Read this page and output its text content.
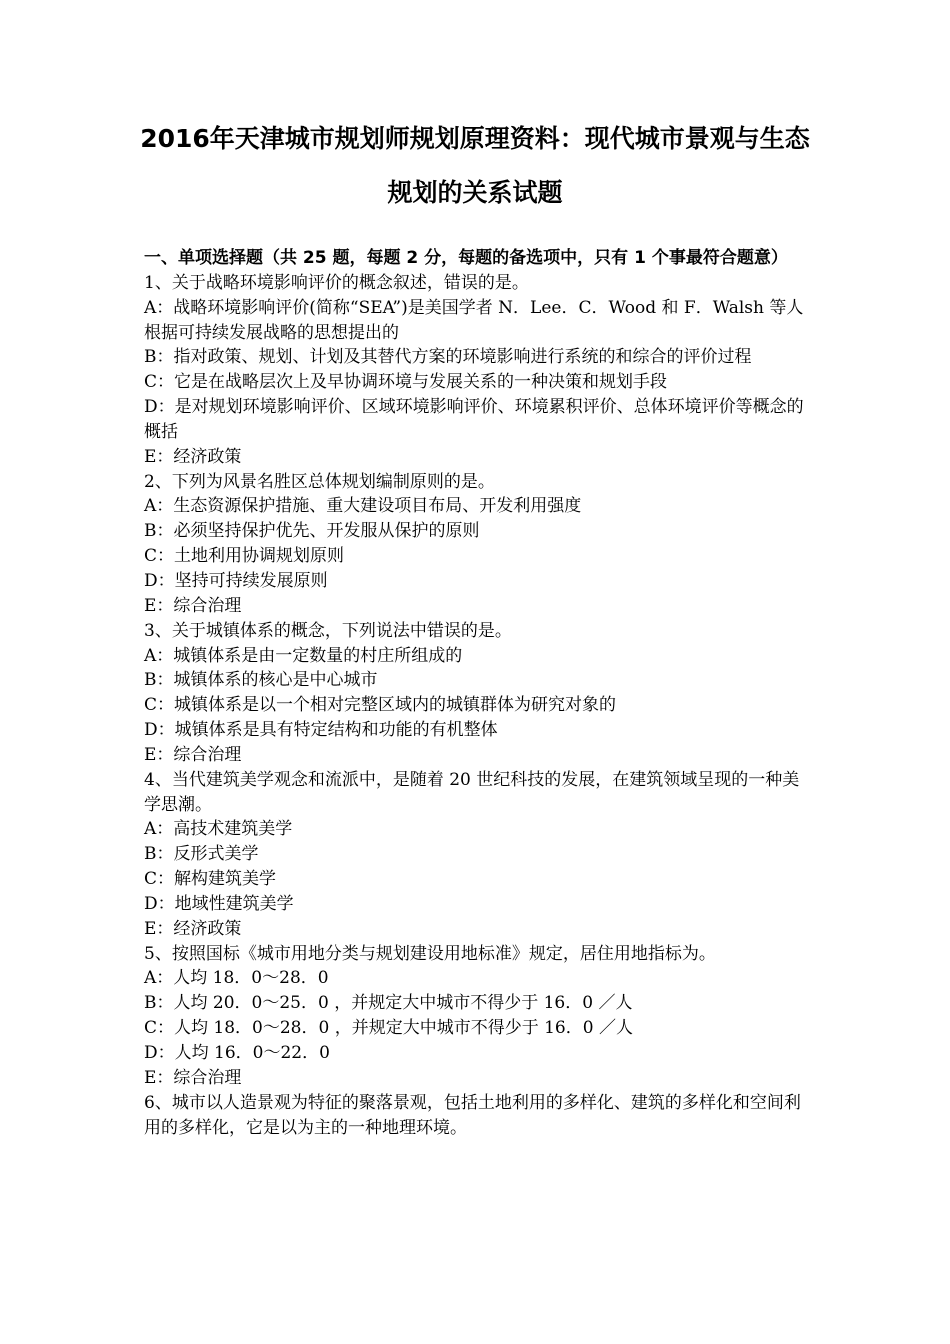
2016年天津城市规划师规划原理资料：现代城市景观与生态规划的关系试题

一、单项选择题（共 25 题，每题 2 分，每题的备选项中，只有 1 个事最符合题意）

1、关于战略环境影响评价的概念叙述，错误的是。

A：战略环境影响评价(简称“SEA”)是美国学者 N．Lee．C．Wood 和 F．Walsh 等人根据可持续发展战略的思想提出的

B：指对政策、规划、计划及其替代方案的环境影响进行系统的和综合的评价过程

C：它是在战略层次上及早协调环境与发展关系的一种决策和规划手段

D：是对规划环境影响评价、区域环境影响评价、环境累积评价、总体环境评价等概念的概括

E：经济政策

2、下列为风景名胜区总体规划编制原则的是。

A：生态资源保护措施、重大建设项目布局、开发利用强度

B：必须坚持保护优先、开发服从保护的原则

C：土地利用协调规划原则

D：坚持可持续发展原则

E：综合治理

3、关于城镇体系的概念，下列说法中错误的是。

A：城镇体系是由一定数量的村庄所组成的

B：城镇体系的核心是中心城市

C：城镇体系是以一个相对完整区域内的城镇群体为研究对象的

D：城镇体系是具有特定结构和功能的有机整体

E：综合治理

4、当代建筑美学观念和流派中，是随着 20 世纪科技的发展，在建筑领域呈现的一种美学思潮。

A：高技术建筑美学

B：反形式美学

C：解构建筑美学

D：地域性建筑美学

E：经济政策

5、按照国标《城市用地分类与规划建设用地标准》规定，居住用地指标为。

A：人均 18．0～28．0

B：人均 20．0～25．0 ，并规定大中城市不得少于 16．0 ／人

C：人均 18．0～28．0 ，并规定大中城市不得少于 16．0 ／人

D：人均 16．0～22．0

E：综合治理

6、城市以人造景观为特征的聚落景观，包括土地利用的多样化、建筑的多样化和空间利用的多样化，它是以为主的一种地理环境。
